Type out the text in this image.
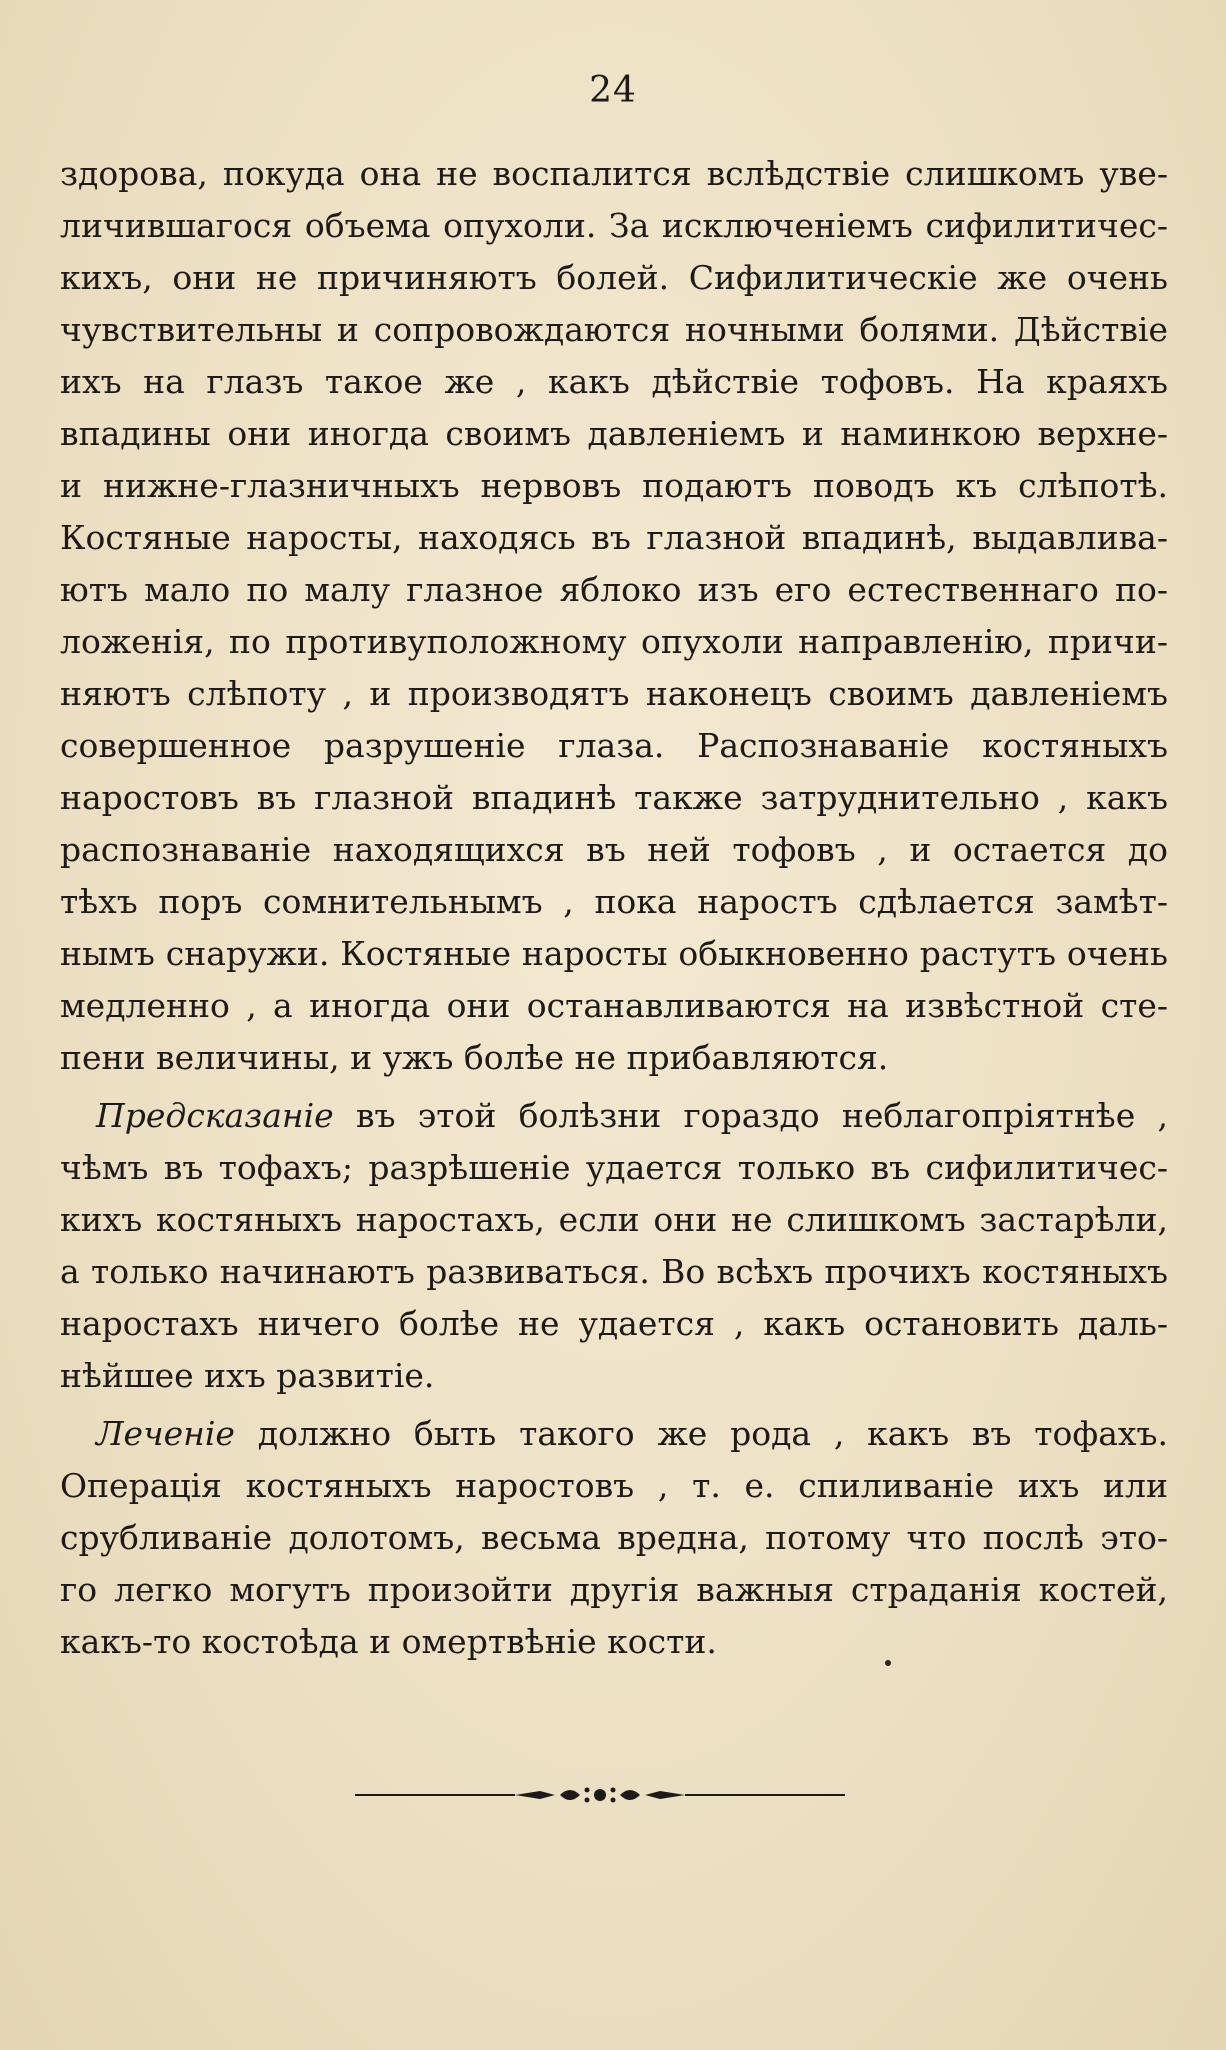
24
здорова, покуда она не воспалится вслѣдствіе слишкомъ уве-
личившагося объема опухоли. За исключеніемъ сифилитичес-
кихъ, они не причиняютъ болей. Сифилитическіе же очень
чувствительны и сопровождаются ночными болями. Дѣйствіе
ихъ на глазъ такое же , какъ дѣйствіе тофовъ. На краяхъ
впадины они иногда своимъ давленіемъ и наминкою верхне-
и нижне-глазничныхъ нервовъ подаютъ поводъ къ слѣпотѣ.
Костяные наросты, находясь въ глазной впадинѣ, выдавлива-
ютъ мало по малу глазное яблоко изъ его естественнаго по-
ложенія, по противуположному опухоли направленію, причи-
няютъ слѣпоту , и производятъ наконецъ своимъ давленіемъ
совершенное разрушеніе глаза. Распознаваніе костяныхъ
наростовъ въ глазной впадинѣ также затруднительно , какъ
распознаваніе находящихся въ ней тофовъ , и остается до
тѣхъ поръ сомнительнымъ , пока наростъ сдѣлается замѣт-
нымъ снаружи. Костяные наросты обыкновенно растутъ очень
медленно , а иногда они останавливаются на извѣстной сте-
пени величины, и ужъ болѣе не прибавляются.
Предсказаніе въ этой болѣзни гораздо неблагопріятнѣе ,
чѣмъ въ тофахъ; разрѣшеніе удается только въ сифилитичес-
кихъ костяныхъ наростахъ, если они не слишкомъ застарѣли,
а только начинаютъ развиваться. Во всѣхъ прочихъ костяныхъ
наростахъ ничего болѣе не удается , какъ остановить даль-
нѣйшее ихъ развитіе.
Леченіе должно быть такого же рода , какъ въ тофахъ.
Операція костяныхъ наростовъ , т. е. спиливаніе ихъ или
срубливаніе долотомъ, весьма вредна, потому что послѣ это-
го легко могутъ произойти другія важныя страданія костей,
какъ-то костоѣда и омертвѣніе кости.
